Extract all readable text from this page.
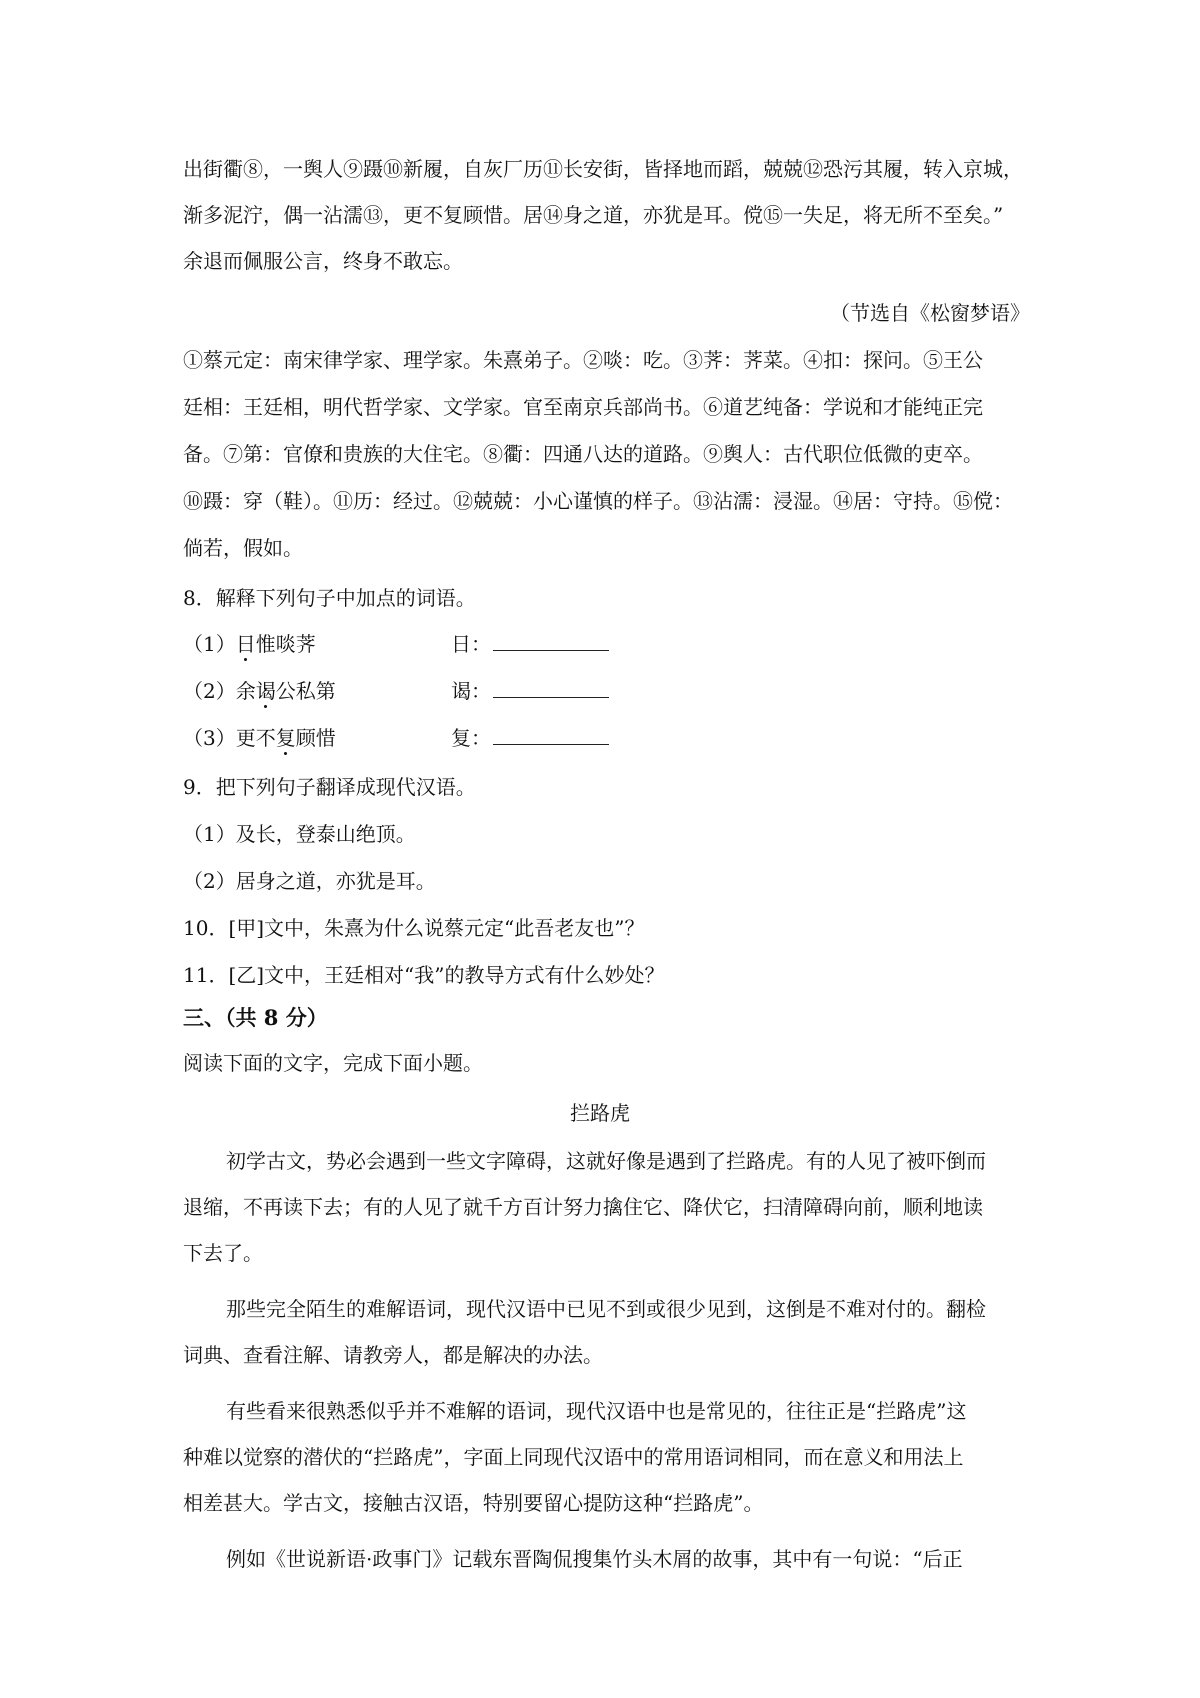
出街衢⑧，一舆人⑨蹑⑩新履，自灰厂历⑪长安街，皆择地而蹈，兢兢⑫恐污其履，转入京城，
渐多泥泞，偶一沾濡⑬，更不复顾惜。居⑭身之道，亦犹是耳。傥⑮一失足，将无所不至矣。”
余退而佩服公言，终身不敢忘。
（节选自《松窗梦语》
①蔡元定：南宋律学家、理学家。朱熹弟子。②啖：吃。③荠：荠菜。④扣：探问。⑤王公
廷相：王廷相，明代哲学家、文学家。官至南京兵部尚书。⑥道艺纯备：学说和才能纯正完
备。⑦第：官僚和贵族的大住宅。⑧衢：四通八达的道路。⑨舆人：古代职位低微的吏卒。
⑩蹑：穿（鞋）。⑪历：经过。⑫兢兢：小心谨慎的样子。⑬沾濡：浸湿。⑭居：守持。⑮傥：
倘若，假如。
8．解释下列句子中加点的词语。
（1）日惟啖荠	日：
（2）余谒公私第	谒：
（3）更不复顾惜	复：
9．把下列句子翻译成现代汉语。
（1）及长，登泰山绝顶。
（2）居身之道，亦犹是耳。
10．[甲]文中，朱熹为什么说蔡元定“此吾老友也”？
11．[乙]文中，王廷相对“我”的教导方式有什么妙处？
三、（共 8 分）
阅读下面的文字，完成下面小题。
拦路虎
初学古文，势必会遇到一些文字障碍，这就好像是遇到了拦路虎。有的人见了被吓倒而
退缩，不再读下去；有的人见了就千方百计努力擒住它、降伏它，扫清障碍向前，顺利地读
下去了。
那些完全陌生的难解语词，现代汉语中已见不到或很少见到，这倒是不难对付的。翻检
词典、查看注解、请教旁人，都是解决的办法。
有些看来很熟悉似乎并不难解的语词，现代汉语中也是常见的，往往正是“拦路虎”这
种难以觉察的潜伏的“拦路虎”，字面上同现代汉语中的常用语词相同，而在意义和用法上
相差甚大。学古文，接触古汉语，特别要留心提防这种“拦路虎”。
例如《世说新语·政事门》记载东晋陶侃搜集竹头木屑的故事，其中有一句说：“后正
